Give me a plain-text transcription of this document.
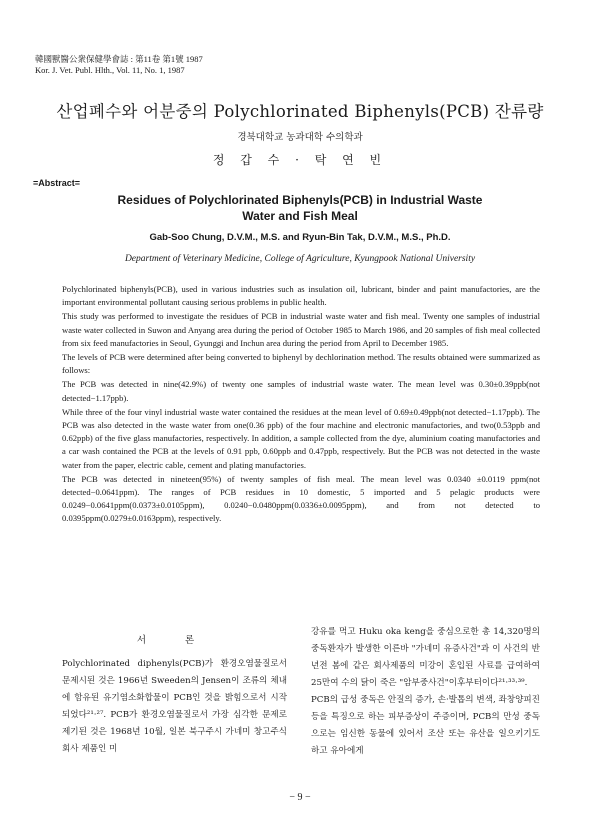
韓國獸醫公衆保健學會誌 : 第11卷 第1號 1987
Kor. J. Vet. Publ. Hlth., Vol. 11, No. 1, 1987
산업폐수와 어분중의 Polychlorinated Biphenyls(PCB) 잔류량
경북대학교 농과대학 수의학과
정 갑 수 · 탁 연 빈
=Abstract=
Residues of Polychlorinated Biphenyls(PCB) in Industrial Waste
Water and Fish Meal
Gab-Soo Chung, D.V.M., M.S. and Ryun-Bin Tak, D.V.M., M.S., Ph.D.
Department of Veterinary Medicine, College of Agriculture, Kyungpook National University

Polychlorinated biphenyls(PCB), used in various industries such as insulation oil, lubricant, binder and paint manufactories, are the important environmental pollutant causing serious problems in public health.

This study was performed to investigate the residues of PCB in industrial waste water and fish meal. Twenty one samples of industrial waste water collected in Suwon and Anyang area during the period of October 1985 to March 1986, and 20 samples of fish meal collected from six feed manufactories in Seoul, Gyunggi and Inchun area during the period from April to December 1985.

The levels of PCB were determined after being converted to biphenyl by dechlorination method. The results obtained were summarized as follows:

The PCB was detected in nine(42.9%) of twenty one samples of industrial waste water. The mean level was 0.30±0.39ppb(not detected−1.17ppb).

While three of the four vinyl industrial waste water contained the residues at the mean level of 0.69±0.49ppb(not detected−1.17ppb). The PCB was also detected in the waste water from one(0.36 ppb) of the four machine and electronic manufactories, and two(0.53ppb and 0.62ppb) of the five glass manufactories, respectively. In addition, a sample collected from the dye, aluminium coating manufactories and a car wash contained the PCB at the levels of 0.91 ppb, 0.60ppb and 0.47ppb, respectively. But the PCB was not detected in the waste water from the paper, electric cable, cement and plating manufactories.

The PCB was detected in nineteen(95%) of twenty samples of fish meal. The mean level was 0.0340 ±0.0119 ppm(not detected−0.0641ppm). The ranges of PCB residues in 10 domestic, 5 imported and 5 pelagic products were 0.0249−0.0641ppm(0.0373±0.0105ppm), 0.0240−0.0480ppm(0.0336±0.0095ppm), and from not detected to 0.0395ppm(0.0279±0.0163ppm), respectively.

서 론

Polychlorinated diphenyls(PCB)가 환경오염물질로서 문제시된 것은 1966년 Sweeden의 Jensen이 조류의 체내에 함유된 유기염소화합물이 PCB인 것을 밝힘으로서 시작되었다²¹·²⁷. PCB가 환경오염물질로서 가장 심각한 문제로 제기된 것은 1968년 10월, 일본 북구주시 가네미 창고주식회사 제품인 미

강유를 먹고 Huku oka keng을 중심으로한 총 14,320명의 중독환자가 발생한 이른바 "가네미 유증사건"과 이 사건의 반년전 봄에 같은 회사제품의 미강이 혼입된 사료를 급여하여 25만여 수의 닭이 죽은 "암부중사건"이후부터이다²¹·³³·³⁹.

PCB의 급성 중독은 안질의 증가, 손·발톱의 변색, 좌창양피진 등을 특징으로 하는 피부증상이 주증이며, PCB의 만성 중독으로는 임신한 동물에 있어서 조산 또는 유산을 일으키기도 하고 유아에게

− 9 −
